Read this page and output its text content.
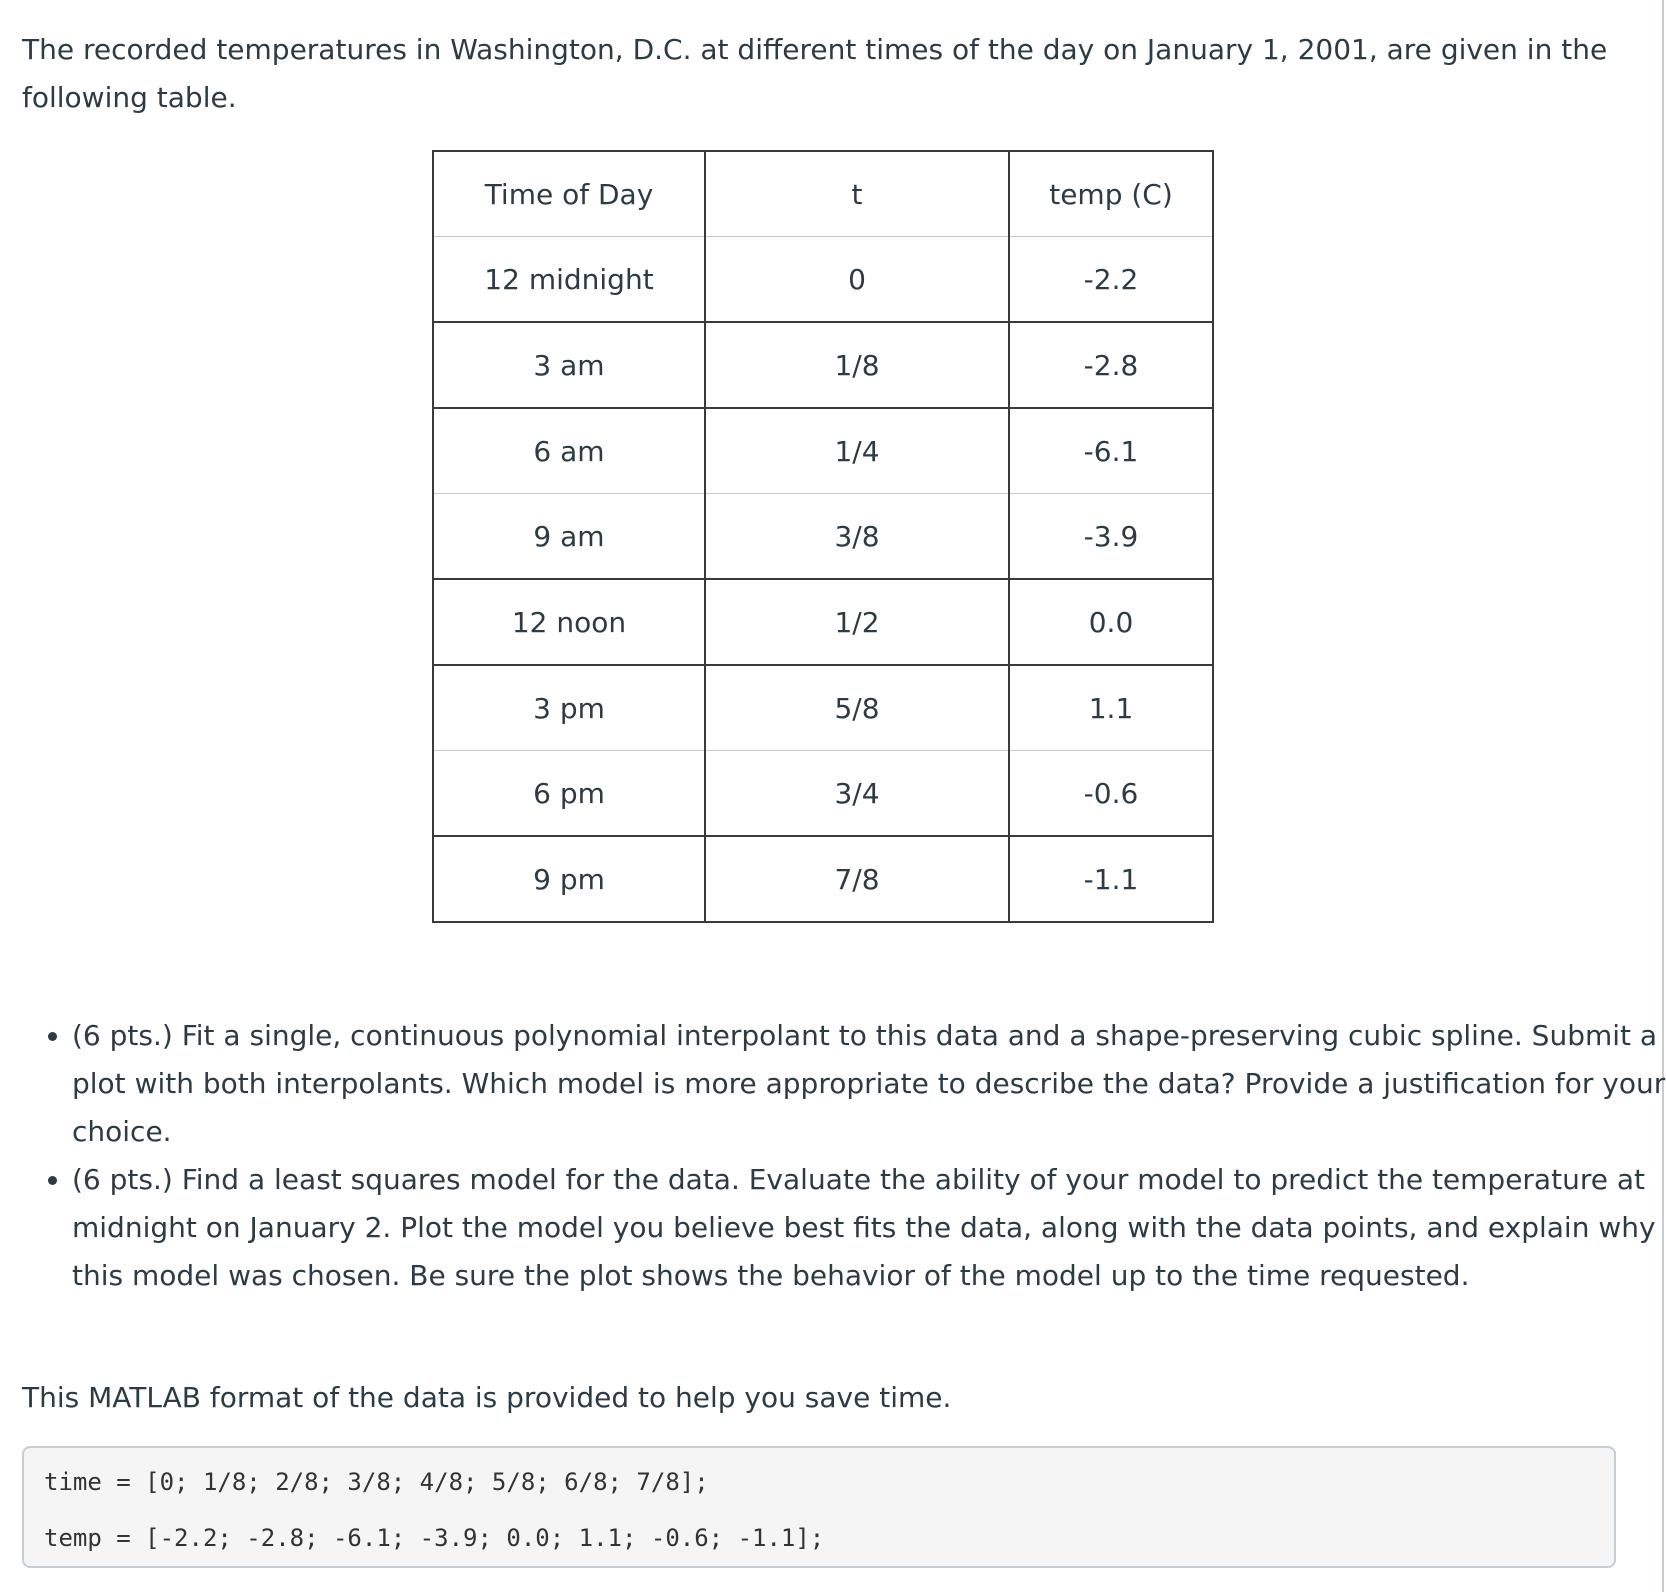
The recorded temperatures in Washington, D.C. at different times of the day on January 1, 2001, are given in the following table.

Time of Day	t	temp (C)
12 midnight	0	-2.2
3 am	1/8	-2.8
6 am	1/4	-6.1
9 am	3/8	-3.9
12 noon	1/2	0.0
3 pm	5/8	1.1
6 pm	3/4	-0.6
9 pm	7/8	-1.1
• (6 pts.) Fit a single, continuous polynomial interpolant to this data and a shape-preserving cubic spline. Submit a plot with both interpolants. Which model is more appropriate to describe the data? Provide a justification for your choice.
• (6 pts.) Find a least squares model for the data. Evaluate the ability of your model to predict the temperature at midnight on January 2. Plot the model you believe best fits the data, along with the data points, and explain why this model was chosen. Be sure the plot shows the behavior of the model up to the time requested.

This MATLAB format of the data is provided to help you save time.

time = [0; 1/8; 2/8; 3/8; 4/8; 5/8; 6/8; 7/8];
temp = [-2.2; -2.8; -6.1; -3.9; 0.0; 1.1; -0.6; -1.1];
